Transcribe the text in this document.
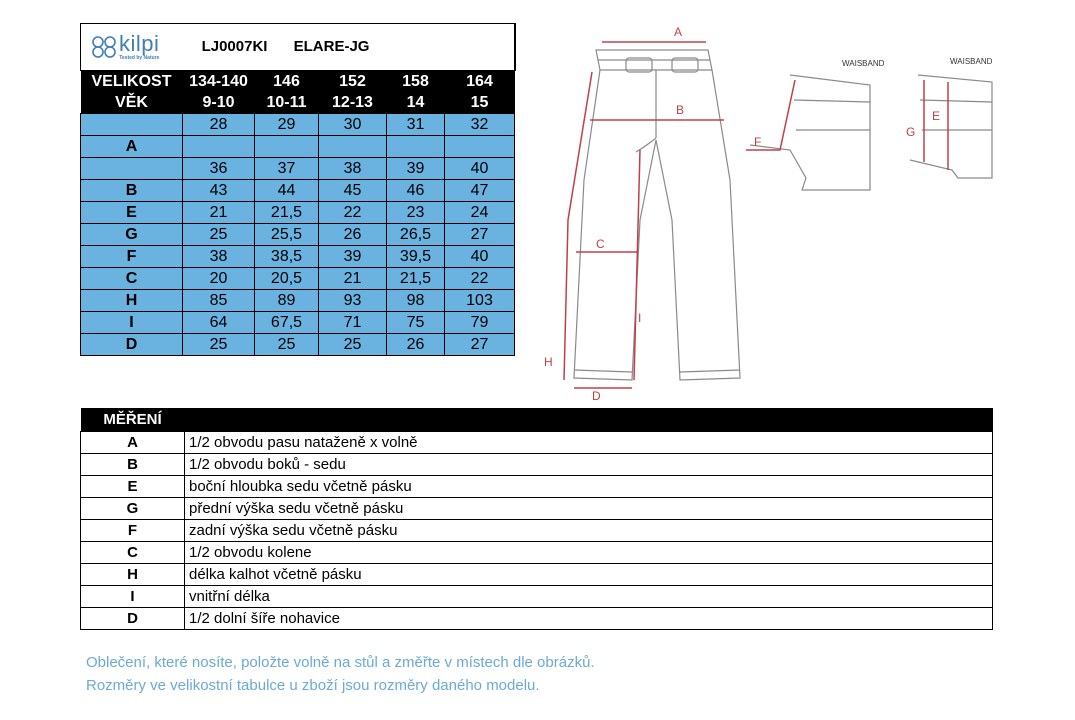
kilpi
Tested by Nature
LJ0007KI ELARE-JG					
VELIKOST	134-140	146	152	158	164
VĚK	9-10	10-11	12-13	14	15
	28	29	30	31	32
A					
	36	37	38	39	40
B	43	44	45	46	47
E	21	21,5	22	23	24
G	25	25,5	26	26,5	27
F	38	38,5	39	39,5	40
C	20	20,5	21	21,5	22
H	85	89	93	98	103
I	64	67,5	71	75	79
D	25	25	25	26	27
A
B
C
D
H
I
F
WAISBAND
G
E
WAISBAND
MĚŘENÍ	
A	1/2 obvodu pasu nataženě x volně
B	1/2 obvodu boků - sedu
E	boční hloubka sedu včetně pásku
G	přední výška sedu včetně pásku
F	zadní výška sedu včetně pásku
C	1/2 obvodu kolene
H	délka kalhot včetně pásku
I	vnitřní délka
D	1/2 dolní šíře nohavice
Oblečení, které nosíte, položte volně na stůl a změřte v místech dle obrázků.
Rozměry ve velikostní tabulce u zboží jsou rozměry daného modelu.
